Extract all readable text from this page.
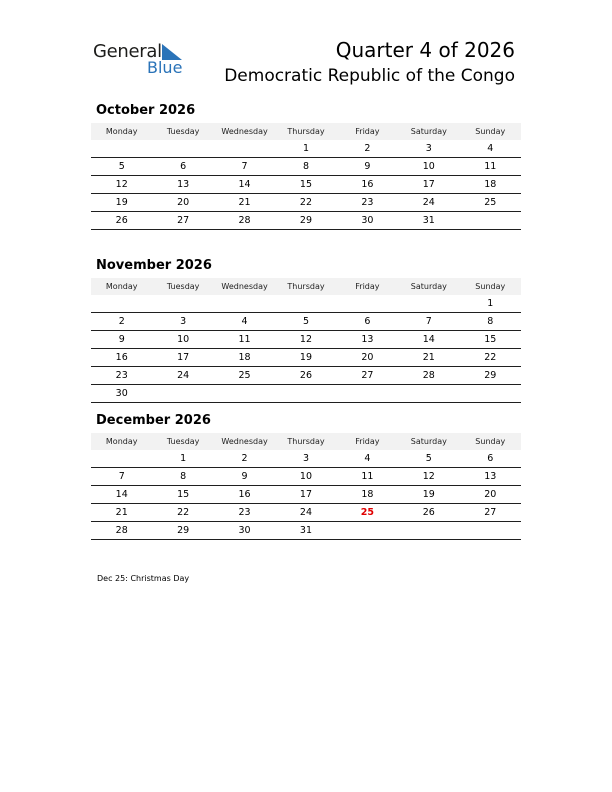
General
Blue
Quarter 4 of 2026
Democratic Republic of the Congo
October 2026
Monday	Tuesday	Wednesday	Thursday	Friday	Saturday	Sunday
			1	2	3	4
5	6	7	8	9	10	11
12	13	14	15	16	17	18
19	20	21	22	23	24	25
26	27	28	29	30	31	
November 2026
Monday	Tuesday	Wednesday	Thursday	Friday	Saturday	Sunday
						1
2	3	4	5	6	7	8
9	10	11	12	13	14	15
16	17	18	19	20	21	22
23	24	25	26	27	28	29
30						
December 2026
Monday	Tuesday	Wednesday	Thursday	Friday	Saturday	Sunday
	1	2	3	4	5	6
7	8	9	10	11	12	13
14	15	16	17	18	19	20
21	22	23	24	25	26	27
28	29	30	31			
Dec 25: Christmas Day
